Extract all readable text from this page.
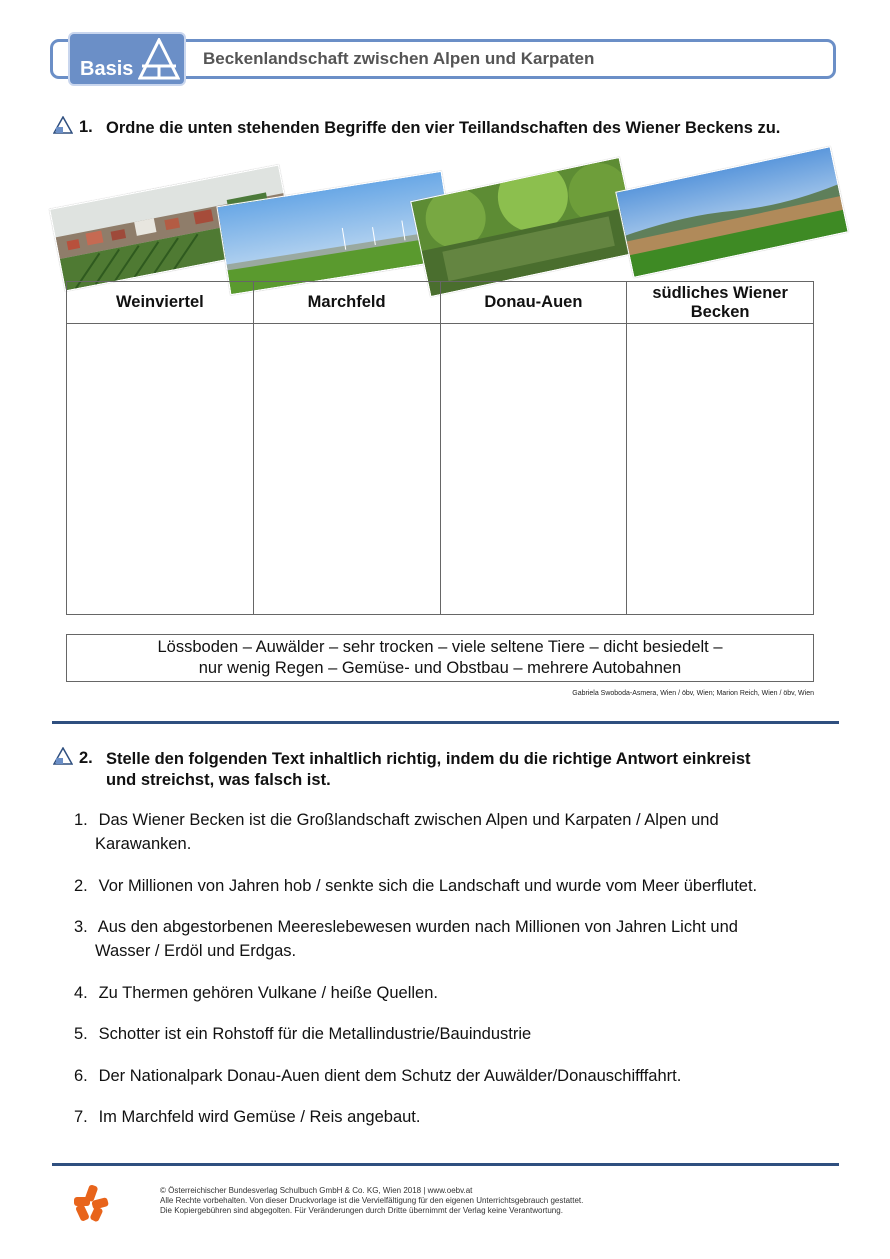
Basis	Beckenlandschaft zwischen Alpen und Karpaten
1. Ordne die unten stehenden Begriffe den vier Teillandschaften des Wiener Beckens zu.
Weinviertel	Marchfeld	Donau-Auen	südliches Wiener Becken

Lössboden – Auwälder – sehr trocken – viele seltene Tiere – dicht besiedelt –
nur wenig Regen – Gemüse- und Obstbau – mehrere Autobahnen
Gabriela Swoboda-Asmera, Wien / öbv, Wien; Marion Reich, Wien / öbv, Wien
2. Stelle den folgenden Text inhaltlich richtig, indem du die richtige Antwort einkreist
und streichst, was falsch ist.
1. Das Wiener Becken ist die Großlandschaft zwischen Alpen und Karpaten / Alpen und
Karawanken.
2. Vor Millionen von Jahren hob / senkte sich die Landschaft und wurde vom Meer überflutet.
3. Aus den abgestorbenen Meereslebewesen wurden nach Millionen von Jahren Licht und
Wasser / Erdöl und Erdgas.
4. Zu Thermen gehören Vulkane / heiße Quellen.
5. Schotter ist ein Rohstoff für die Metallindustrie/Bauindustrie
6. Der Nationalpark Donau-Auen dient dem Schutz der Auwälder/Donauschifffahrt.
7. Im Marchfeld wird Gemüse / Reis angebaut.
© Österreichischer Bundesverlag Schulbuch GmbH & Co. KG, Wien 2018 | www.oebv.at
Alle Rechte vorbehalten. Von dieser Druckvorlage ist die Vervielfältigung für den eigenen Unterrichtsgebrauch gestattet.
Die Kopiergebühren sind abgegolten. Für Veränderungen durch Dritte übernimmt der Verlag keine Verantwortung.
